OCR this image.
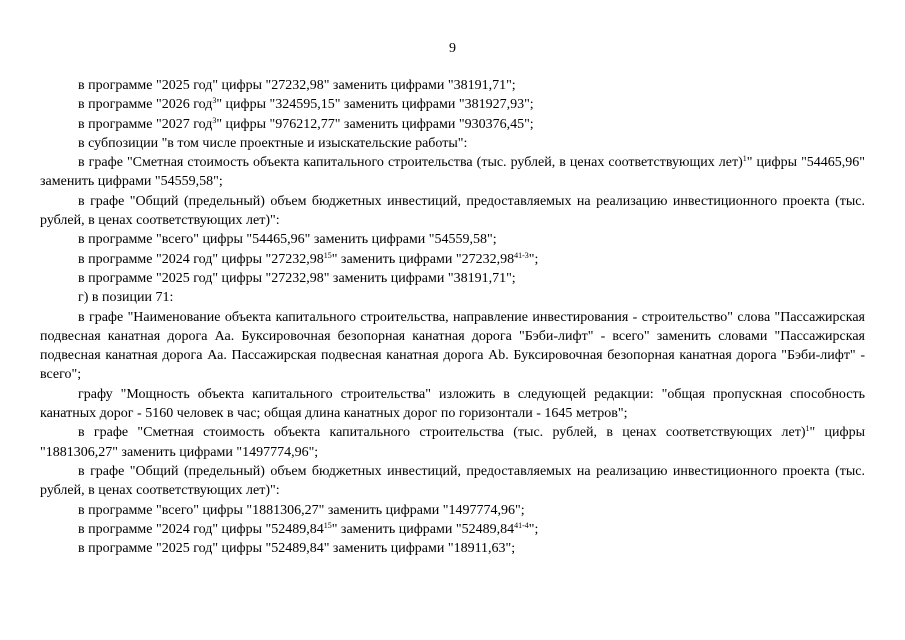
9

в программе "2025 год" цифры "27232,98" заменить цифрами "38191,71";

в программе "2026 год$^3$" цифры "324595,15" заменить цифрами "381927,93";

в программе "2027 год$^3$" цифры "976212,77" заменить цифрами "930376,45";

в субпозиции "в том числе проектные и изыскательские работы":

в графе "Сметная стоимость объекта капитального строительства (тыс. рублей, в ценах соответствующих лет)$^1$" цифры "54465,96" заменить цифрами "54559,58";

в графе "Общий (предельный) объем бюджетных инвестиций, предоставляемых на реализацию инвестиционного проекта (тыс. рублей, в ценах соответствующих лет)":

в программе "всего" цифры "54465,96" заменить цифрами "54559,58";

в программе "2024 год" цифры "27232,98$^{15}$" заменить цифрами "27232,98$^{41-3}$";

в программе "2025 год" цифры "27232,98" заменить цифрами "38191,71";

г) в позиции 71:

в графе "Наименование объекта капитального строительства, направление инвестирования - строительство" слова "Пассажирская подвесная канатная дорога Аа. Буксировочная безопорная канатная дорога "Бэби-лифт" - всего" заменить словами "Пассажирская подвесная канатная дорога Аа. Пассажирская подвесная канатная дорога Аb. Буксировочная безопорная канатная дорога "Бэби-лифт" - всего";

графу "Мощность объекта капитального строительства" изложить в следующей редакции: "общая пропускная способность канатных дорог - 5160 человек в час; общая длина канатных дорог по горизонтали - 1645 метров";

в графе "Сметная стоимость объекта капитального строительства (тыс. рублей, в ценах соответствующих лет)$^1$" цифры "1881306,27" заменить цифрами "1497774,96";

в графе "Общий (предельный) объем бюджетных инвестиций, предоставляемых на реализацию инвестиционного проекта (тыс. рублей, в ценах соответствующих лет)":

в программе "всего" цифры "1881306,27" заменить цифрами "1497774,96";

в программе "2024 год" цифры "52489,84$^{15}$" заменить цифрами "52489,84$^{41-4}$";

в программе "2025 год" цифры "52489,84" заменить цифрами "18911,63";
